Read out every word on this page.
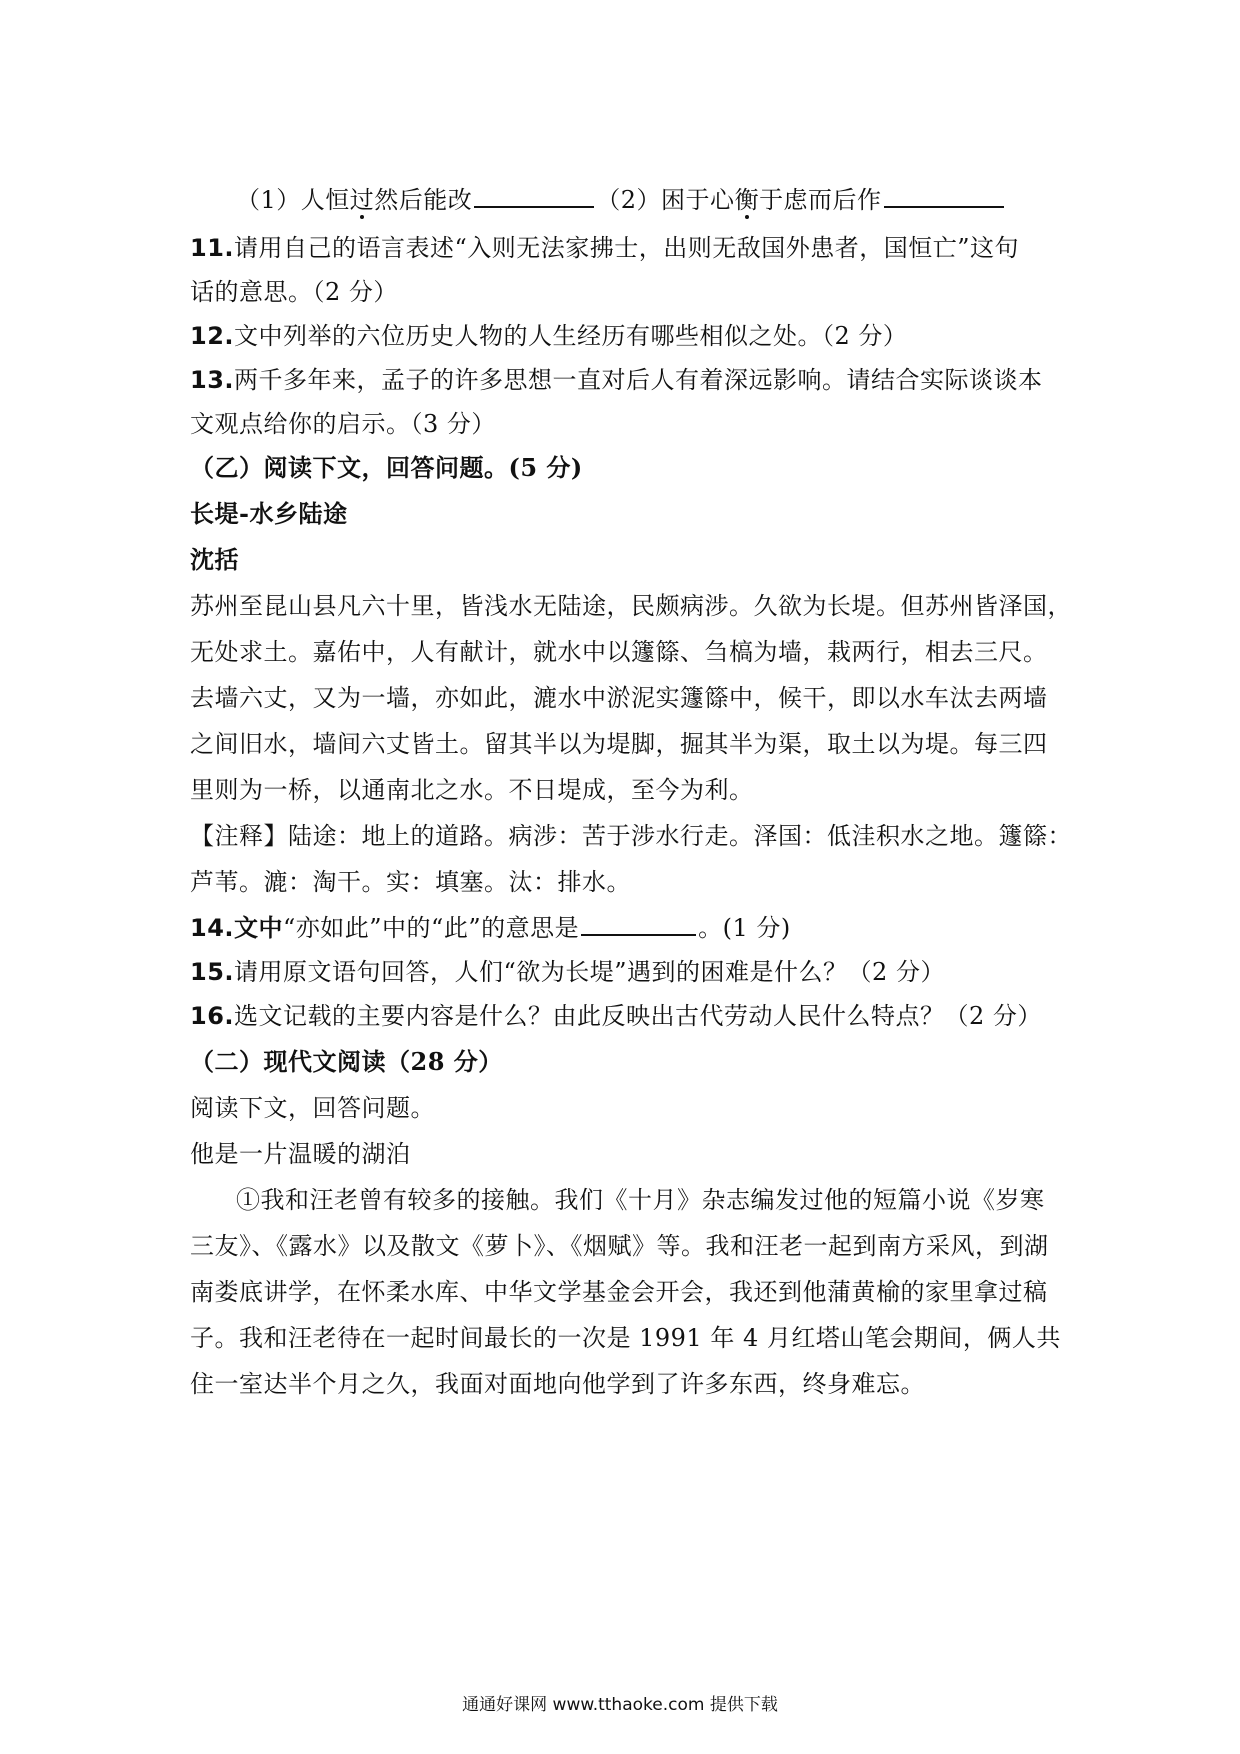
（1）人恒过然后能改	（2）困于心衡于虑而后作
11.请用自己的语言表述“入则无法家拂士，出则无敌国外患者，国恒亡”这句
话的意思。（2 分）
12.文中列举的六位历史人物的人生经历有哪些相似之处。（2 分）
13.两千多年来，孟子的许多思想一直对后人有着深远影响。请结合实际谈谈本
文观点给你的启示。（3 分）
（乙）阅读下文，回答问题。(5 分)
长堤-水乡陆途
沈括
苏州至昆山县凡六十里，皆浅水无陆途，民颇病涉。久欲为长堤。但苏州皆泽国，
无处求土。嘉佑中，人有献计，就水中以籧篨、刍槁为墙，栽两行，相去三尺。
去墙六丈，又为一墙，亦如此，漉水中淤泥实籧篨中，候干，即以水车汰去两墙
之间旧水，墙间六丈皆土。留其半以为堤脚，掘其半为渠，取土以为堤。每三四
里则为一桥，以通南北之水。不日堤成，至今为利。
【注释】陆途：地上的道路。病涉：苦于涉水行走。泽国：低洼积水之地。籧篨：
芦苇。漉：淘干。实：填塞。汰：排水。
14.文中“亦如此”中的“此”的意思是	。(1 分)
15.请用原文语句回答，人们“欲为长堤”遇到的困难是什么？（2 分）
16.选文记载的主要内容是什么？由此反映出古代劳动人民什么特点？（2 分）
（二）现代文阅读（28 分）
阅读下文，回答问题。
他是一片温暖的湖泊
①我和汪老曾有较多的接触。我们《十月》杂志编发过他的短篇小说《岁寒
三友》、《露水》以及散文《萝卜》、《烟赋》等。我和汪老一起到南方采风，到湖
南娄底讲学，在怀柔水库、中华文学基金会开会，我还到他蒲黄榆的家里拿过稿
子。我和汪老待在一起时间最长的一次是 1991 年 4 月红塔山笔会期间，俩人共
住一室达半个月之久，我面对面地向他学到了许多东西，终身难忘。
通通好课网 www.tthaoke.com 提供下载
